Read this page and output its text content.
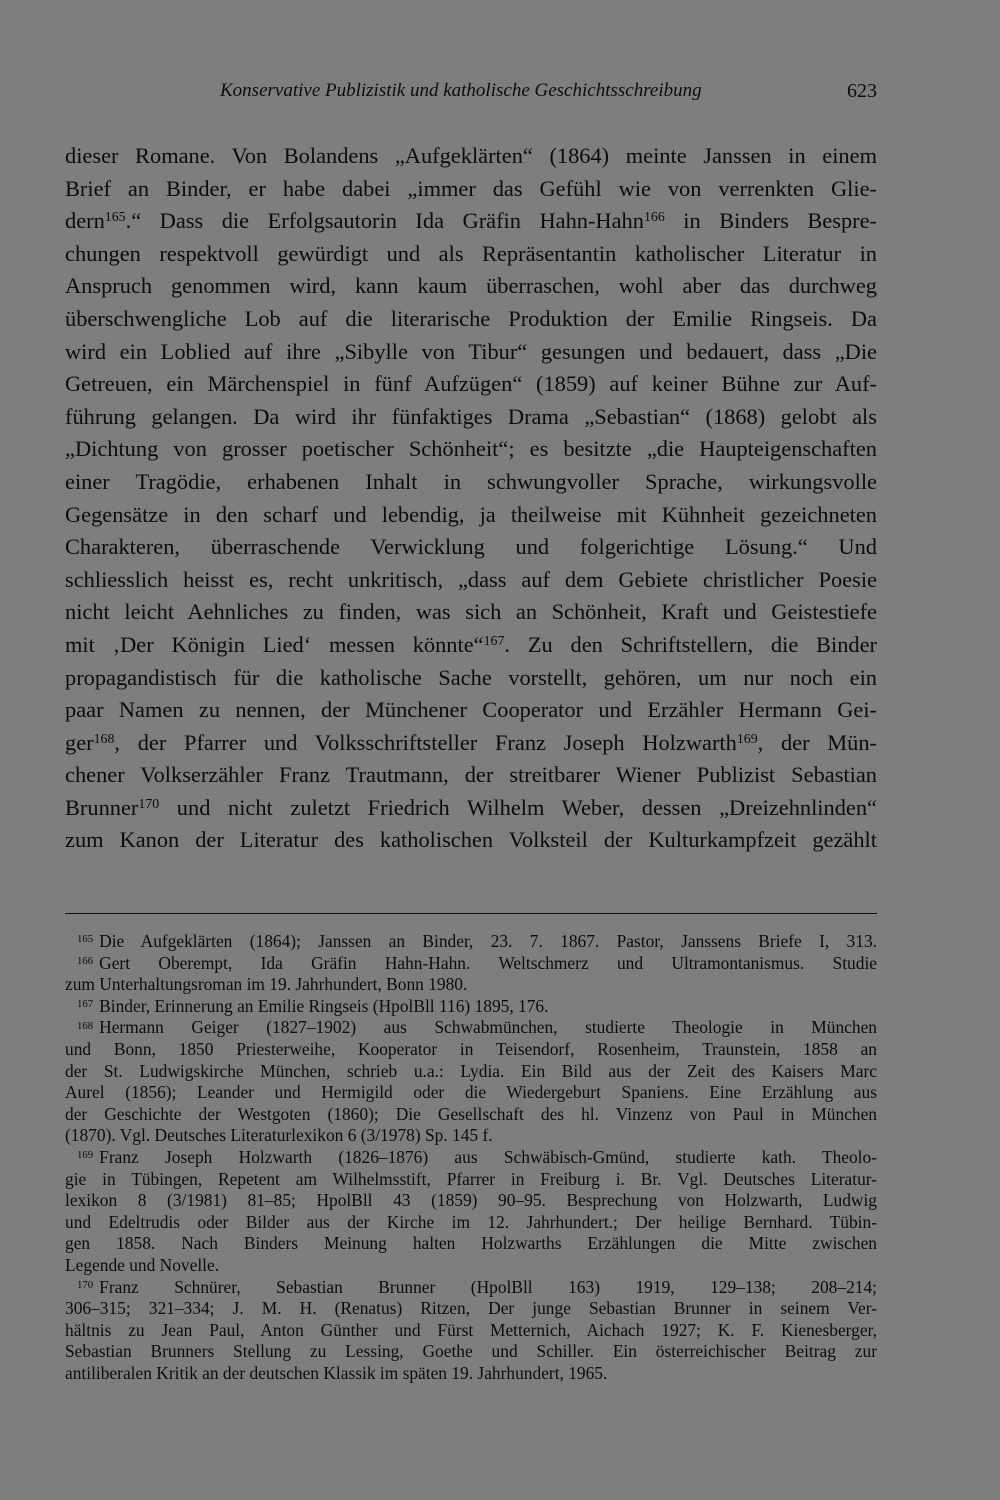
Konservative Publizistik und katholische Geschichtsschreibung	623
dieser Romane. Von Bolandens „Aufgeklärten“ (1864) meinte Janssen in einem
Brief an Binder, er habe dabei „immer das Gefühl wie von verrenkten Glie-
dern$^{165}$.“ Dass die Erfolgsautorin Ida Gräfin Hahn-Hahn$^{166}$ in Binders Bespre-
chungen respektvoll gewürdigt und als Repräsentantin katholischer Literatur in
Anspruch genommen wird, kann kaum überraschen, wohl aber das durchweg
überschwengliche Lob auf die literarische Produktion der Emilie Ringseis. Da
wird ein Loblied auf ihre „Sibylle von Tibur“ gesungen und bedauert, dass „Die
Getreuen, ein Märchenspiel in fünf Aufzügen“ (1859) auf keiner Bühne zur Auf-
führung gelangen. Da wird ihr fünfaktiges Drama „Sebastian“ (1868) gelobt als
„Dichtung von grosser poetischer Schönheit“; es besitzte „die Haupteigenschaften
einer Tragödie, erhabenen Inhalt in schwungvoller Sprache, wirkungsvolle
Gegensätze in den scharf und lebendig, ja theilweise mit Kühnheit gezeichneten
Charakteren, überraschende Verwicklung und folgerichtige Lösung.“ Und
schliesslich heisst es, recht unkritisch, „dass auf dem Gebiete christlicher Poesie
nicht leicht Aehnliches zu finden, was sich an Schönheit, Kraft und Geistestiefe
mit ‚Der Königin Lied‘ messen könnte“$^{167}$. Zu den Schriftstellern, die Binder
propagandistisch für die katholische Sache vorstellt, gehören, um nur noch ein
paar Namen zu nennen, der Münchener Cooperator und Erzähler Hermann Gei-
ger$^{168}$, der Pfarrer und Volksschriftsteller Franz Joseph Holzwarth$^{169}$, der Mün-
chener Volkserzähler Franz Trautmann, der streitbarer Wiener Publizist Sebastian
Brunner$^{170}$ und nicht zuletzt Friedrich Wilhelm Weber, dessen „Dreizehnlinden“
zum Kanon der Literatur des katholischen Volksteil der Kulturkampfzeit gezählt
$^{165}$ Die Aufgeklärten (1864); Janssen an Binder, 23. 7. 1867. Pastor, Janssens Briefe I, 313.
$^{166}$ Gert Oberempt, Ida Gräfin Hahn-Hahn. Weltschmerz und Ultramontanismus. Studie
zum Unterhaltungsroman im 19. Jahrhundert, Bonn 1980.
$^{167}$ Binder, Erinnerung an Emilie Ringseis (HpolBll 116) 1895, 176.
$^{168}$ Hermann Geiger (1827–1902) aus Schwabmünchen, studierte Theologie in München
und Bonn, 1850 Priesterweihe, Kooperator in Teisendorf, Rosenheim, Traunstein, 1858 an
der St. Ludwigskirche München, schrieb u.a.: Lydia. Ein Bild aus der Zeit des Kaisers Marc
Aurel (1856); Leander und Hermigild oder die Wiedergeburt Spaniens. Eine Erzählung aus
der Geschichte der Westgoten (1860); Die Gesellschaft des hl. Vinzenz von Paul in München
(1870). Vgl. Deutsches Literaturlexikon 6 (3/1978) Sp. 145 f.
$^{169}$ Franz Joseph Holzwarth (1826–1876) aus Schwäbisch-Gmünd, studierte kath. Theolo-
gie in Tübingen, Repetent am Wilhelmsstift, Pfarrer in Freiburg i. Br. Vgl. Deutsches Literatur-
lexikon 8 (3/1981) 81–85; HpolBll 43 (1859) 90–95. Besprechung von Holzwarth, Ludwig
und Edeltrudis oder Bilder aus der Kirche im 12. Jahrhundert.; Der heilige Bernhard. Tübin-
gen 1858. Nach Binders Meinung halten Holzwarths Erzählungen die Mitte zwischen
Legende und Novelle.
$^{170}$ Franz Schnürer, Sebastian Brunner (HpolBll 163) 1919, 129–138; 208–214;
306–315; 321–334; J. M. H. (Renatus) Ritzen, Der junge Sebastian Brunner in seinem Ver-
hältnis zu Jean Paul, Anton Günther und Fürst Metternich, Aichach 1927; K. F. Kienesberger,
Sebastian Brunners Stellung zu Lessing, Goethe und Schiller. Ein österreichischer Beitrag zur
antiliberalen Kritik an der deutschen Klassik im späten 19. Jahrhundert, 1965.
